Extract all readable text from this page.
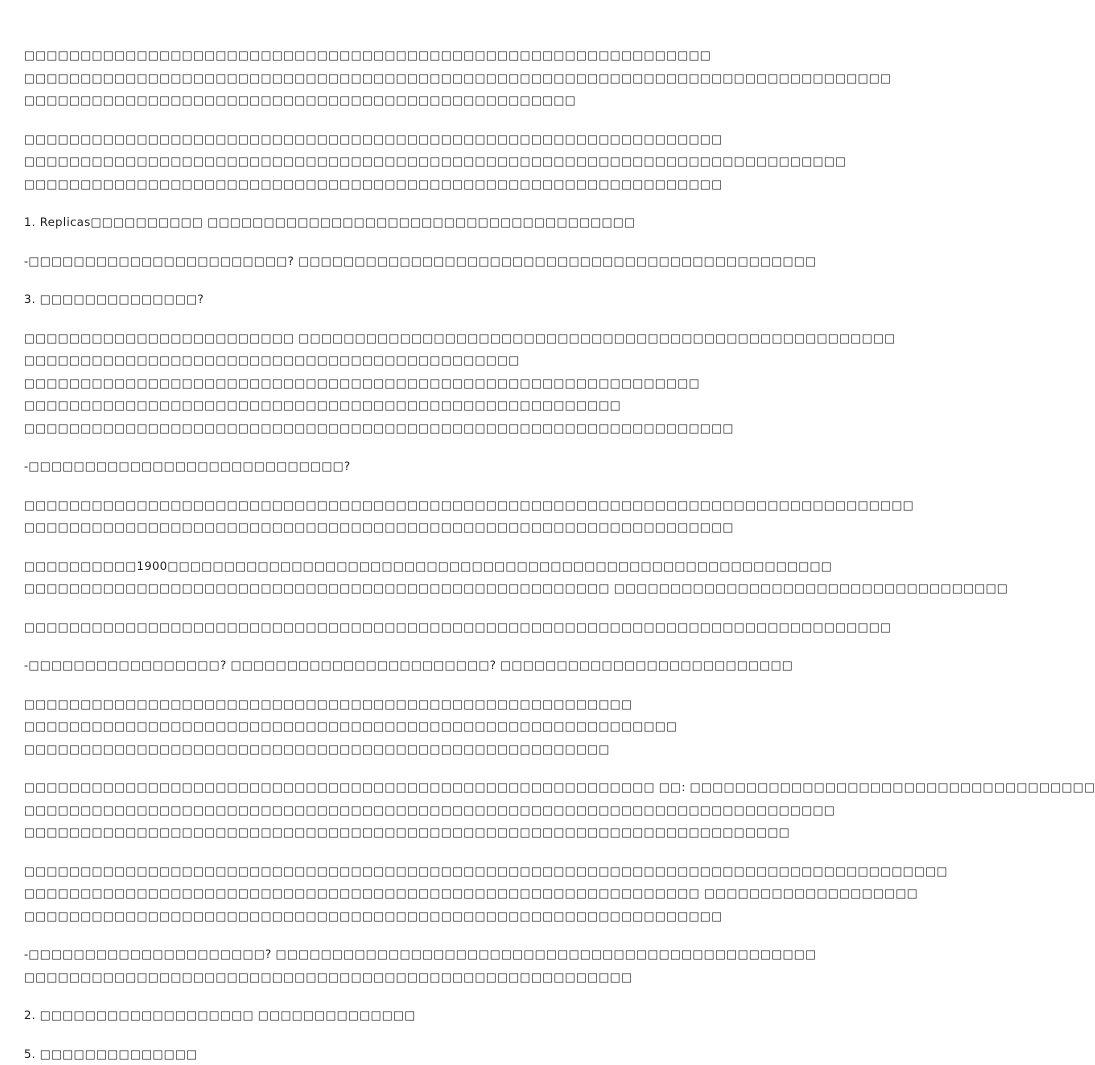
□□□□□□□□□□□□□□□□□□□□□□□□□□□□□□□□□□□□□□□□□□□□□□□□□□□□□□□□□□□□□
□□□□□□□□□□□□□□□□□□□□□□□□□□□□□□□□□□□□□□□□□□□□□□□□□□□□□□□□□□□□□□□□□□□□□□□□□□□□□
□□□□□□□□□□□□□□□□□□□□□□□□□□□□□□□□□□□□□□□□□□□□□□□□□
□□□□□□□□□□□□□□□□□□□□□□□□□□□□□□□□□□□□□□□□□□□□□□□□□□□□□□□□□□□□□□
□□□□□□□□□□□□□□□□□□□□□□□□□□□□□□□□□□□□□□□□□□□□□□□□□□□□□□□□□□□□□□□□□□□□□□□□□
□□□□□□□□□□□□□□□□□□□□□□□□□□□□□□□□□□□□□□□□□□□□□□□□□□□□□□□□□□□□□□
1. Replicas□□□□□□□□□□ □□□□□□□□□□□□□□□□□□□□□□□□□□□□□□□□□□□□□□
-□□□□□□□□□□□□□□□□□□□□□□□? □□□□□□□□□□□□□□□□□□□□□□□□□□□□□□□□□□□□□□□□□□□□□□
3. □□□□□□□□□□□□□□?
□□□□□□□□□□□□□□□□□□□□□□□□ □□□□□□□□□□□□□□□□□□□□□□□□□□□□□□□□□□□□□□□□□□□□□□□□□□□□□
□□□□□□□□□□□□□□□□□□□□□□□□□□□□□□□□□□□□□□□□□□□□
□□□□□□□□□□□□□□□□□□□□□□□□□□□□□□□□□□□□□□□□□□□□□□□□□□□□□□□□□□□□
□□□□□□□□□□□□□□□□□□□□□□□□□□□□□□□□□□□□□□□□□□□□□□□□□□□□□
□□□□□□□□□□□□□□□□□□□□□□□□□□□□□□□□□□□□□□□□□□□□□□□□□□□□□□□□□□□□□□□
-□□□□□□□□□□□□□□□□□□□□□□□□□□□□?
□□□□□□□□□□□□□□□□□□□□□□□□□□□□□□□□□□□□□□□□□□□□□□□□□□□□□□□□□□□□□□□□□□□□□□□□□□□□□□□
□□□□□□□□□□□□□□□□□□□□□□□□□□□□□□□□□□□□□□□□□□□□□□□□□□□□□□□□□□□□□□□
□□□□□□□□□□1900□□□□□□□□□□□□□□□□□□□□□□□□□□□□□□□□□□□□□□□□□□□□□□□□□□□□□□□□□□□
□□□□□□□□□□□□□□□□□□□□□□□□□□□□□□□□□□□□□□□□□□□□□□□□□□□□ □□□□□□□□□□□□□□□□□□□□□□□□□□□□□□□□□□□
□□□□□□□□□□□□□□□□□□□□□□□□□□□□□□□□□□□□□□□□□□□□□□□□□□□□□□□□□□□□□□□□□□□□□□□□□□□□□
-□□□□□□□□□□□□□□□□□? □□□□□□□□□□□□□□□□□□□□□□□? □□□□□□□□□□□□□□□□□□□□□□□□□□
□□□□□□□□□□□□□□□□□□□□□□□□□□□□□□□□□□□□□□□□□□□□□□□□□□□□□□
□□□□□□□□□□□□□□□□□□□□□□□□□□□□□□□□□□□□□□□□□□□□□□□□□□□□□□□□□□
□□□□□□□□□□□□□□□□□□□□□□□□□□□□□□□□□□□□□□□□□□□□□□□□□□□□
□□□□□□□□□□□□□□□□□□□□□□□□□□□□□□□□□□□□□□□□□□□□□□□□□□□□□□□□ □□: □□□□□□□□□□□□□□□□□□□□□□□□□□□□□□□□□□□□
□□□□□□□□□□□□□□□□□□□□□□□□□□□□□□□□□□□□□□□□□□□□□□□□□□□□□□□□□□□□□□□□□□□□□□□□
□□□□□□□□□□□□□□□□□□□□□□□□□□□□□□□□□□□□□□□□□□□□□□□□□□□□□□□□□□□□□□□□□□□□
□□□□□□□□□□□□□□□□□□□□□□□□□□□□□□□□□□□□□□□□□□□□□□□□□□□□□□□□□□□□□□□□□□□□□□□□□□□□□□□□□□
□□□□□□□□□□□□□□□□□□□□□□□□□□□□□□□□□□□□□□□□□□□□□□□□□□□□□□□□□□□□ □□□□□□□□□□□□□□□□□□□
□□□□□□□□□□□□□□□□□□□□□□□□□□□□□□□□□□□□□□□□□□□□□□□□□□□□□□□□□□□□□□
-□□□□□□□□□□□□□□□□□□□□□? □□□□□□□□□□□□□□□□□□□□□□□□□□□□□□□□□□□□□□□□□□□□□□□□
□□□□□□□□□□□□□□□□□□□□□□□□□□□□□□□□□□□□□□□□□□□□□□□□□□□□□□
2. □□□□□□□□□□□□□□□□□□□ □□□□□□□□□□□□□□
5. □□□□□□□□□□□□□□
